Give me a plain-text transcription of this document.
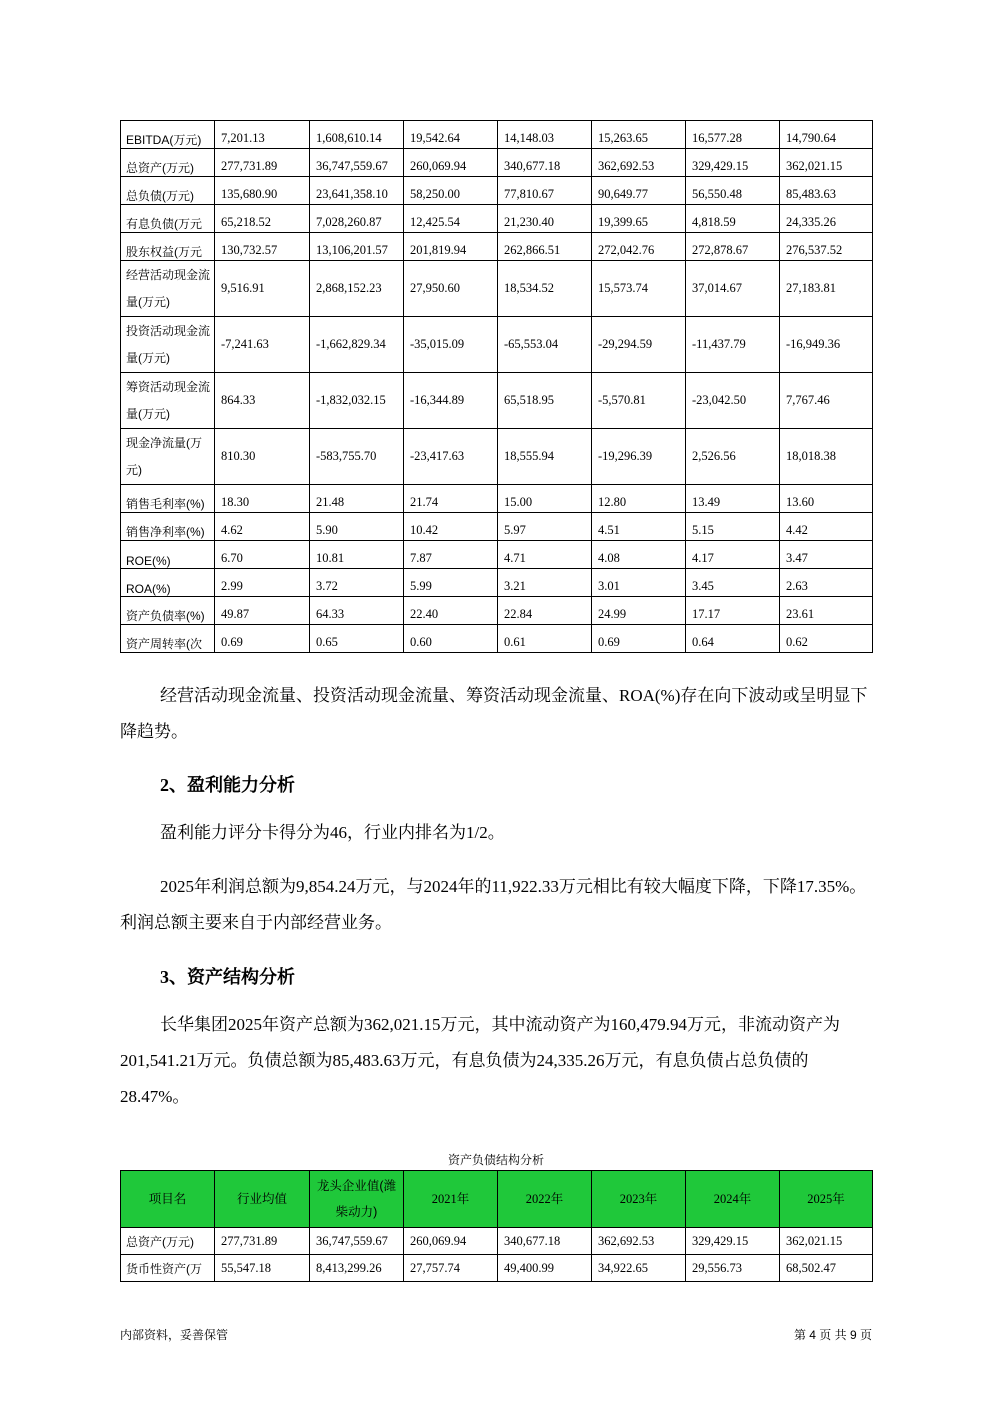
EBITDA(万元)	7,201.13	1,608,610.14	19,542.64	14,148.03	15,263.65	16,577.28	14,790.64
总资产(万元)	277,731.89	36,747,559.67	260,069.94	340,677.18	362,692.53	329,429.15	362,021.15
总负债(万元)	135,680.90	23,641,358.10	58,250.00	77,810.67	90,649.77	56,550.48	85,483.63
有息负债(万元	65,218.52	7,028,260.87	12,425.54	21,230.40	19,399.65	4,818.59	24,335.26
股东权益(万元	130,732.57	13,106,201.57	201,819.94	262,866.51	272,042.76	272,878.67	276,537.52
经营活动现金流量(万元)	9,516.91	2,868,152.23	27,950.60	18,534.52	15,573.74	37,014.67	27,183.81
投资活动现金流量(万元)	-7,241.63	-1,662,829.34	-35,015.09	-65,553.04	-29,294.59	-11,437.79	-16,949.36
筹资活动现金流量(万元)	864.33	-1,832,032.15	-16,344.89	65,518.95	-5,570.81	-23,042.50	7,767.46
现金净流量(万元)	810.30	-583,755.70	-23,417.63	18,555.94	-19,296.39	2,526.56	18,018.38
销售毛利率(%)	18.30	21.48	21.74	15.00	12.80	13.49	13.60
销售净利率(%)	4.62	5.90	10.42	5.97	4.51	5.15	4.42
ROE(%)	6.70	10.81	7.87	4.71	4.08	4.17	3.47
ROA(%)	2.99	3.72	5.99	3.21	3.01	3.45	2.63
资产负债率(%)	49.87	64.33	22.40	22.84	24.99	17.17	23.61
资产周转率(次	0.69	0.65	0.60	0.61	0.69	0.64	0.62
经营活动现金流量、投资活动现金流量、筹资活动现金流量、ROA(%)存在向下波动或呈明显下降趋势。
2、盈利能力分析
盈利能力评分卡得分为46，行业内排名为1/2。
2025年利润总额为9,854.24万元，与2024年的11,922.33万元相比有较大幅度下降，下降17.35%。利润总额主要来自于内部经营业务。
3、资产结构分析
长华集团2025年资产总额为362,021.15万元，其中流动资产为160,479.94万元，非流动资产为201,541.21万元。负债总额为85,483.63万元，有息负债为24,335.26万元，有息负债占总负债的28.47%。
资产负债结构分析
项目名	行业均值	龙头企业值(潍柴动力)	2021年	2022年	2023年	2024年	2025年
总资产(万元)	277,731.89	36,747,559.67	260,069.94	340,677.18	362,692.53	329,429.15	362,021.15
货币性资产(万	55,547.18	8,413,299.26	27,757.74	49,400.99	34,922.65	29,556.73	68,502.47
内部资料，妥善保管	第 4 页 共 9 页
